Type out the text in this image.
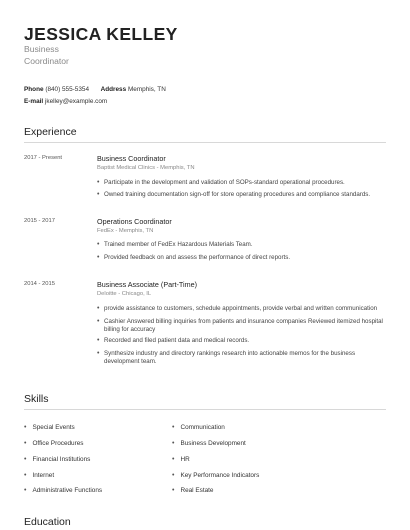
JESSICA KELLEY
Business
Coordinator
Phone (840) 555-5354 Address Memphis, TN
E-mail jkelley@example.com
Experience
2017 - Present	Business Coordinator
Baptist Medical Clinics - Memphis, TN
• Participate in the development and validation of SOPs-standard operational procedures.
• Owned training documentation sign-off for store operating procedures and compliance standards.
2015 - 2017	Operations Coordinator
FedEx - Memphis, TN
• Trained member of FedEx Hazardous Materials Team.
• Provided feedback on and assess the performance of direct reports.
2014 - 2015	Business Associate (Part-Time)
Deloitte - Chicago, IL
• provide assistance to customers, schedule appointments, provide verbal and written communication
• Cashier Answered billing inquiries from patients and insurance companies Reviewed itemized hospital billing for accuracy
• Recorded and filed patient data and medical records.
• Synthesize industry and directory rankings research into actionable memos for the business development team.
Skills
• Special Events
• Office Procedures
• Financial Institutions
• Internet
• Administrative Functions
• Communication
• Business Development
• HR
• Key Performance Indicators
• Real Estate
Education
